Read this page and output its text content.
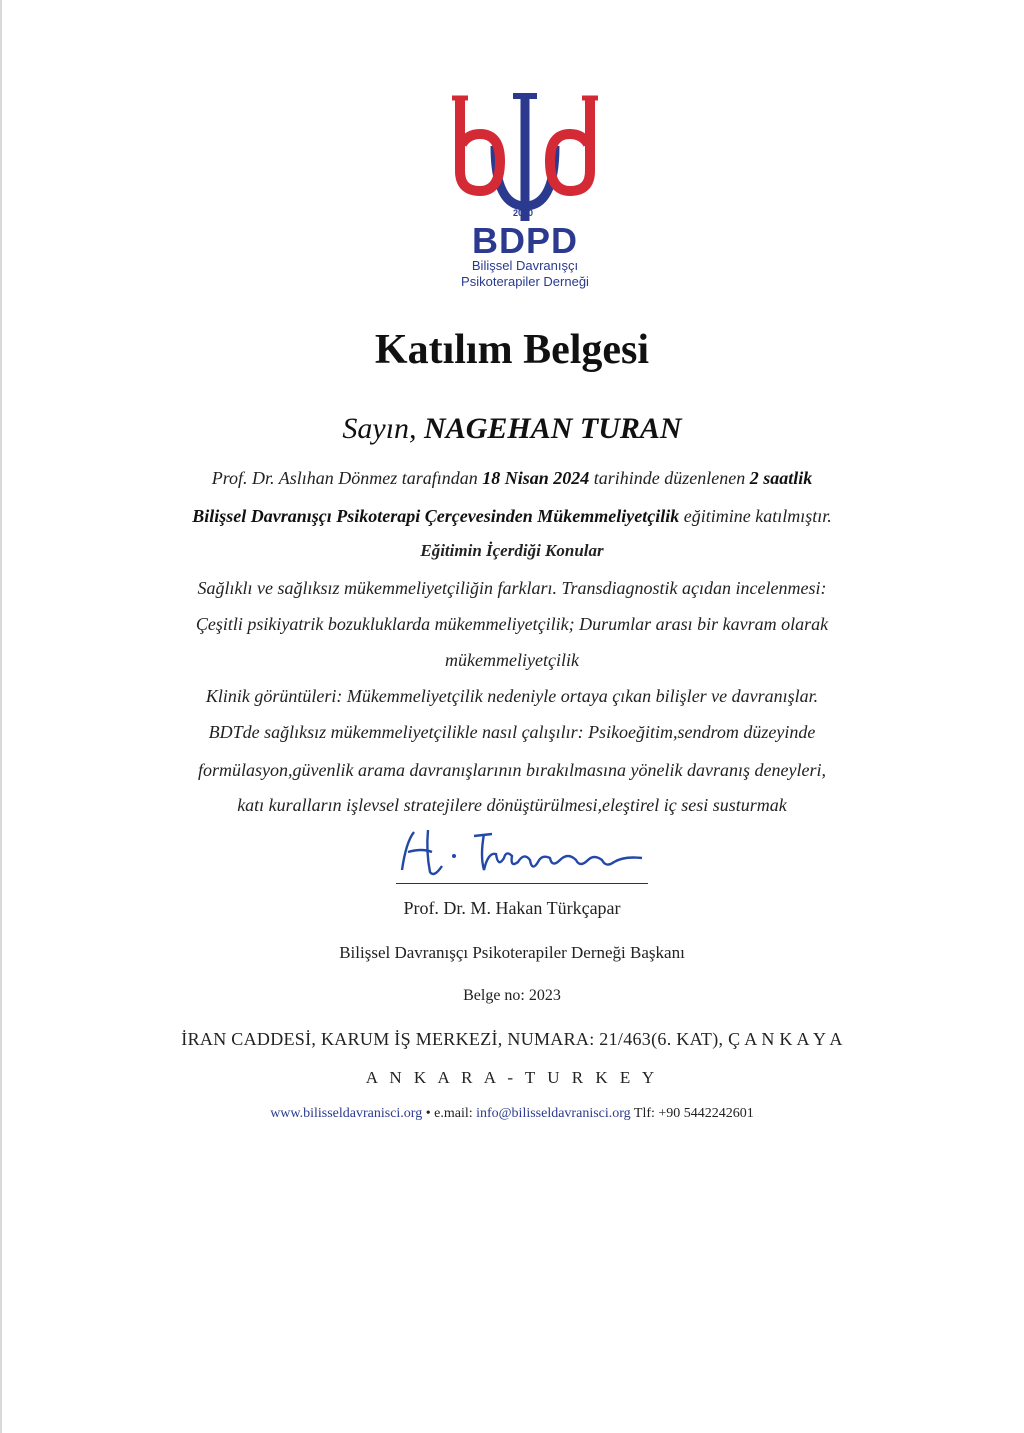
2010
BDPD
Bilişsel Davranışçı
Psikoterapiler Derneği
Katılım Belgesi
Sayın, NAGEHAN TURAN
Prof. Dr. Aslıhan Dönmez tarafından 18 Nisan 2024 tarihinde düzenlenen 2 saatlik
Bilişsel Davranışçı Psikoterapi Çerçevesinden Mükemmeliyetçilik eğitimine katılmıştır.
Eğitimin İçerdiği Konular
Sağlıklı ve sağlıksız mükemmeliyetçiliğin farkları. Transdiagnostik açıdan incelenmesi:
Çeşitli psikiyatrik bozukluklarda mükemmeliyetçilik; Durumlar arası bir kavram olarak
mükemmeliyetçilik
Klinik görüntüleri: Mükemmeliyetçilik nedeniyle ortaya çıkan bilişler ve davranışlar.
BDTde sağlıksız mükemmeliyetçilikle nasıl çalışılır: Psikoeğitim,sendrom düzeyinde
formülasyon,güvenlik arama davranışlarının bırakılmasına yönelik davranış deneyleri,
katı kuralların işlevsel stratejilere dönüştürülmesi,eleştirel iç sesi susturmak
Prof. Dr. M. Hakan Türkçapar
Bilişsel Davranışçı Psikoterapiler Derneği Başkanı
Belge no: 2023
İRAN CADDESİ, KARUM İŞ MERKEZİ, NUMARA: 21/463(6. KAT), Ç A N K A Y A
A N K A R A - T U R K E Y
www.bilisseldavranisci.org • e.mail: info@bilisseldavranisci.org Tlf: +90 5442242601
